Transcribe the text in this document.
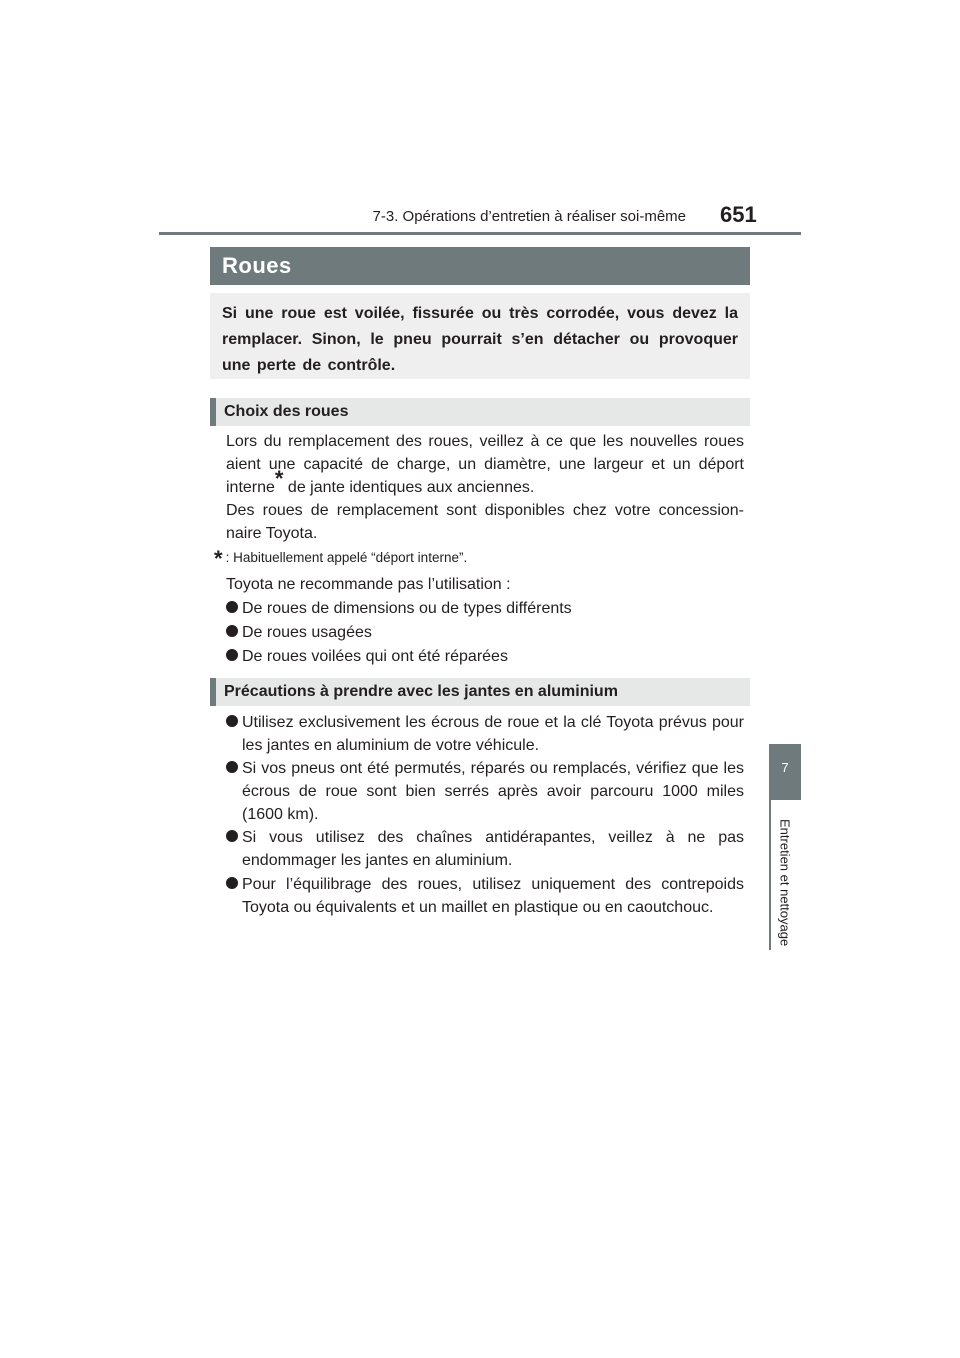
7-3. Opérations d’entretien à réaliser soi-même 651
7
Entretien et nettoyage
Roues

Si une roue est voilée, fissurée ou très corrodée, vous devez la remplacer. Sinon, le pneu pourrait s’en détacher ou provoquer une perte de contrôle.

Choix des roues

Lors du remplacement des roues, veillez à ce que les nouvelles roues aient une capacité de charge, un diamètre, une largeur et un déport interne* de jante identiques aux anciennes.

Des roues de remplacement sont disponibles chez votre concession-naire Toyota.

* : Habituellement appelé “déport interne”.
Toyota ne recommande pas l’utilisation :
De roues de dimensions ou de types différents
De roues usagées
De roues voilées qui ont été réparées
Précautions à prendre avec les jantes en aluminium
Utilisez exclusivement les écrous de roue et la clé Toyota prévus pour les jantes en aluminium de votre véhicule.
Si vos pneus ont été permutés, réparés ou remplacés, vérifiez que les écrous de roue sont bien serrés après avoir parcouru 1000 miles (1600 km).
Si vous utilisez des chaînes antidérapantes, veillez à ne pas endommager les jantes en aluminium.
Pour l’équilibrage des roues, utilisez uniquement des contrepoids Toyota ou équivalents et un maillet en plastique ou en caoutchouc.
